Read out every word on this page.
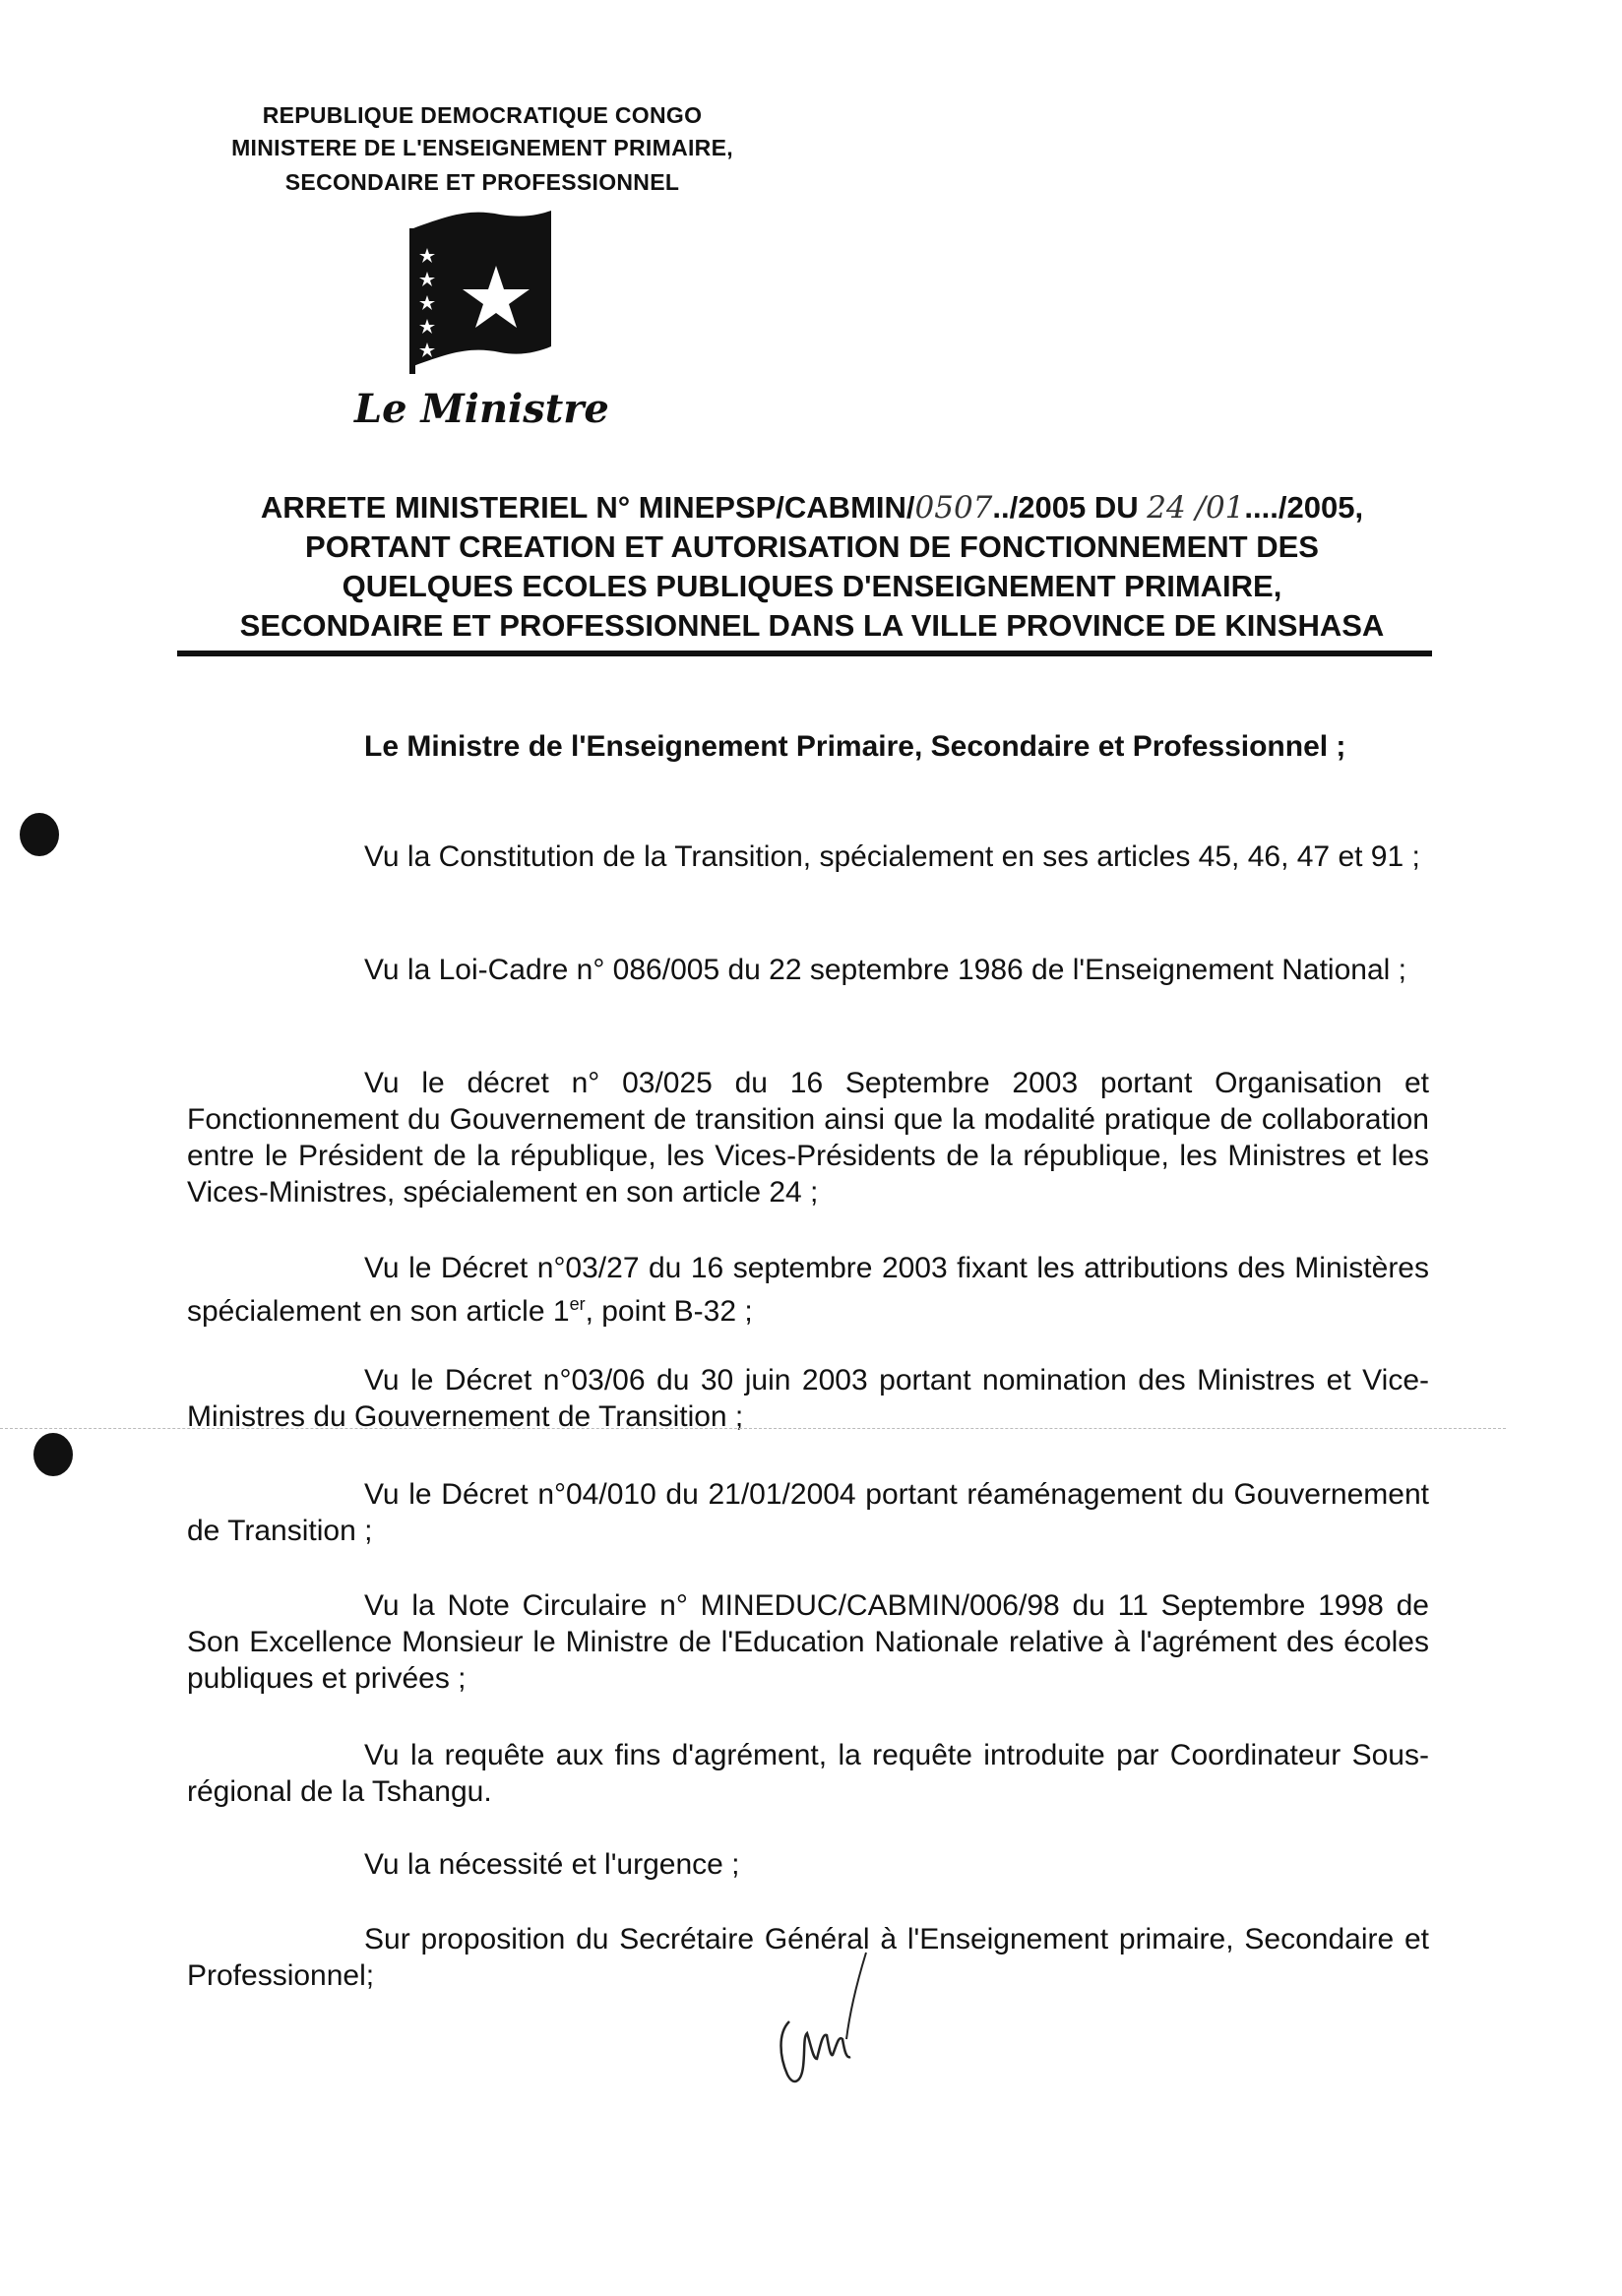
REPUBLIQUE DEMOCRATIQUE CONGO
MINISTERE DE L'ENSEIGNEMENT PRIMAIRE,
SECONDAIRE ET PROFESSIONNEL
Le Ministre
ARRETE MINISTERIEL N° MINEPSP/CABMIN/0507../2005 DU 24 /01..../2005,
PORTANT CREATION ET AUTORISATION DE FONCTIONNEMENT DES
QUELQUES ECOLES PUBLIQUES D'ENSEIGNEMENT PRIMAIRE,
SECONDAIRE ET PROFESSIONNEL DANS LA VILLE PROVINCE DE KINSHASA
Le Ministre de l'Enseignement Primaire, Secondaire et Professionnel ;
Vu la Constitution de la Transition, spécialement en ses articles 45, 46, 47 et 91 ;
Vu la Loi-Cadre n° 086/005 du 22 septembre 1986 de l'Enseignement National ;
Vu le décret n° 03/025 du 16 Septembre 2003 portant Organisation et Fonctionnement du Gouvernement de transition ainsi que la modalité pratique de collaboration entre le Président de la république, les Vices-Présidents de la république, les Ministres et les Vices-Ministres, spécialement en son article 24 ;
Vu le Décret n°03/27 du 16 septembre 2003 fixant les attributions des Ministères spécialement en son article 1er, point B-32 ;
Vu le Décret n°03/06 du 30 juin 2003 portant nomination des Ministres et Vice-Ministres du Gouvernement de Transition ;
Vu le Décret n°04/010 du 21/01/2004 portant réaménagement du Gouvernement de Transition ;
Vu la Note Circulaire n° MINEDUC/CABMIN/006/98 du 11 Septembre 1998 de Son Excellence Monsieur le Ministre de l'Education Nationale relative à l'agrément des écoles publiques et privées ;
Vu la requête aux fins d'agrément, la requête introduite par Coordinateur Sous-régional de la Tshangu.
Vu la nécessité et l'urgence ;
Sur proposition du Secrétaire Général à l'Enseignement primaire, Secondaire et Professionnel;
